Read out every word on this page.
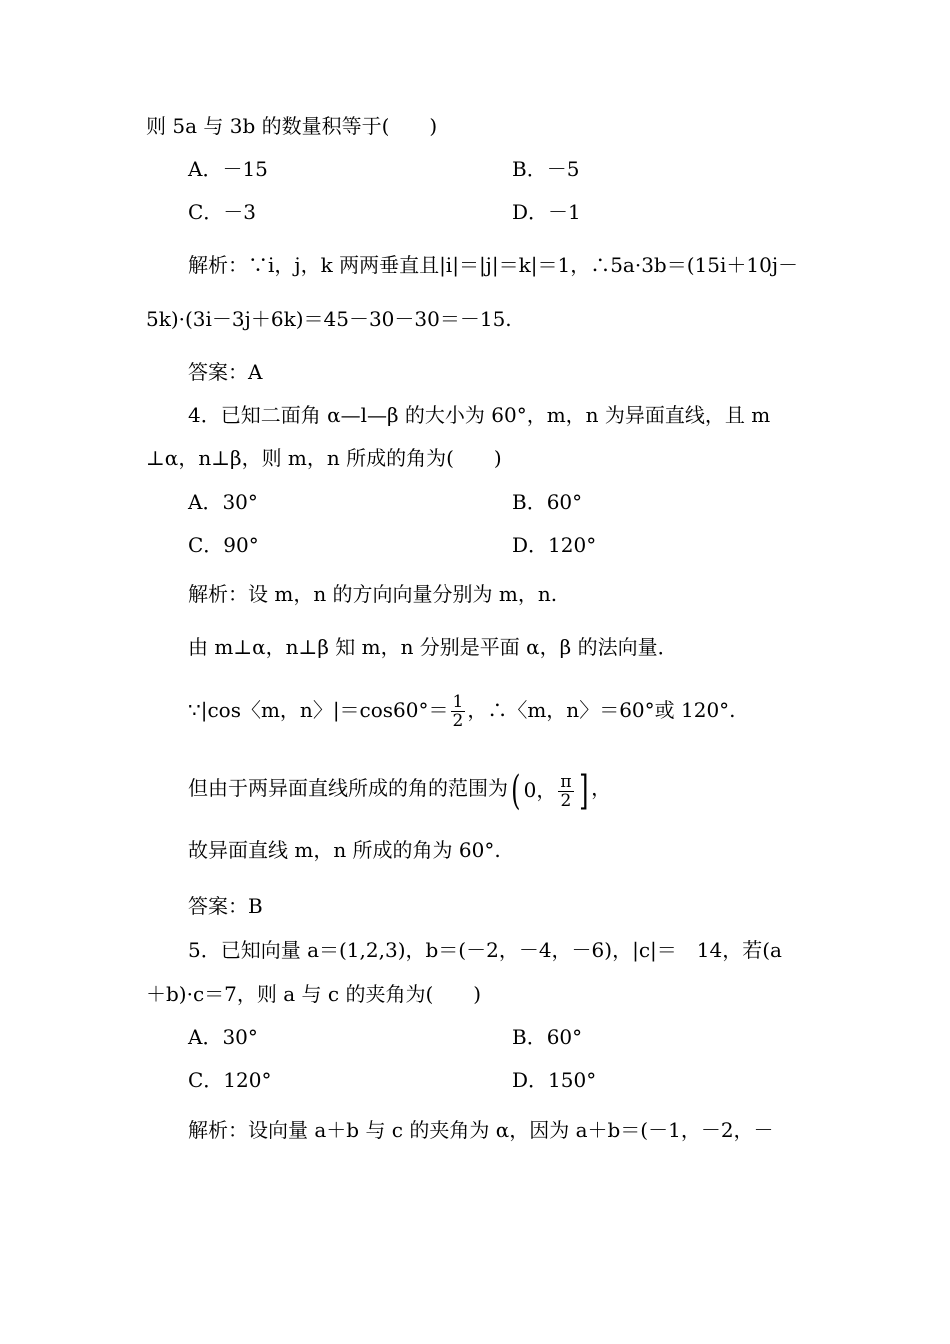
则 5a 与 3b 的数量积等于(　　)
A．－15	B．－5
C．－3	D．－1
解析：∵i，j，k 两两垂直且|i|＝|j|＝k|＝1，∴5a·3b＝(15i＋10j－
5k)·(3i－3j＋6k)＝45－30－30＝－15.
答案：A
4．已知二面角 α—l—β 的大小为 60°，m，n 为异面直线，且 m
⊥α，n⊥β，则 m，n 所成的角为(　　)
A．30°	B．60°
C．90°	D．120°
解析：设 m，n 的方向向量分别为 m，n.
由 m⊥α，n⊥β 知 m，n 分别是平面 α，β 的法向量．
∵|cos〈m，n〉$|=\cos 60^\circ= \frac{1}{2}$ ，∴〈m，n〉＝60°或 120°.
但由于两异面直线所成的角的范围为( 0， $\frac{\pi}{2}$ ] ，
故异面直线 m，n 所成的角为 60°.
答案：B
5．已知向量 a＝(1,2,3)，b＝(－2，－4，－6)，|c|＝　14，若(a
＋b)·c＝7，则 a 与 c 的夹角为(　　)
A．30°	B．60°
C．120°	D．150°
解析：设向量 a＋b 与 c 的夹角为 α，因为 a＋b＝(－1，－2，－
